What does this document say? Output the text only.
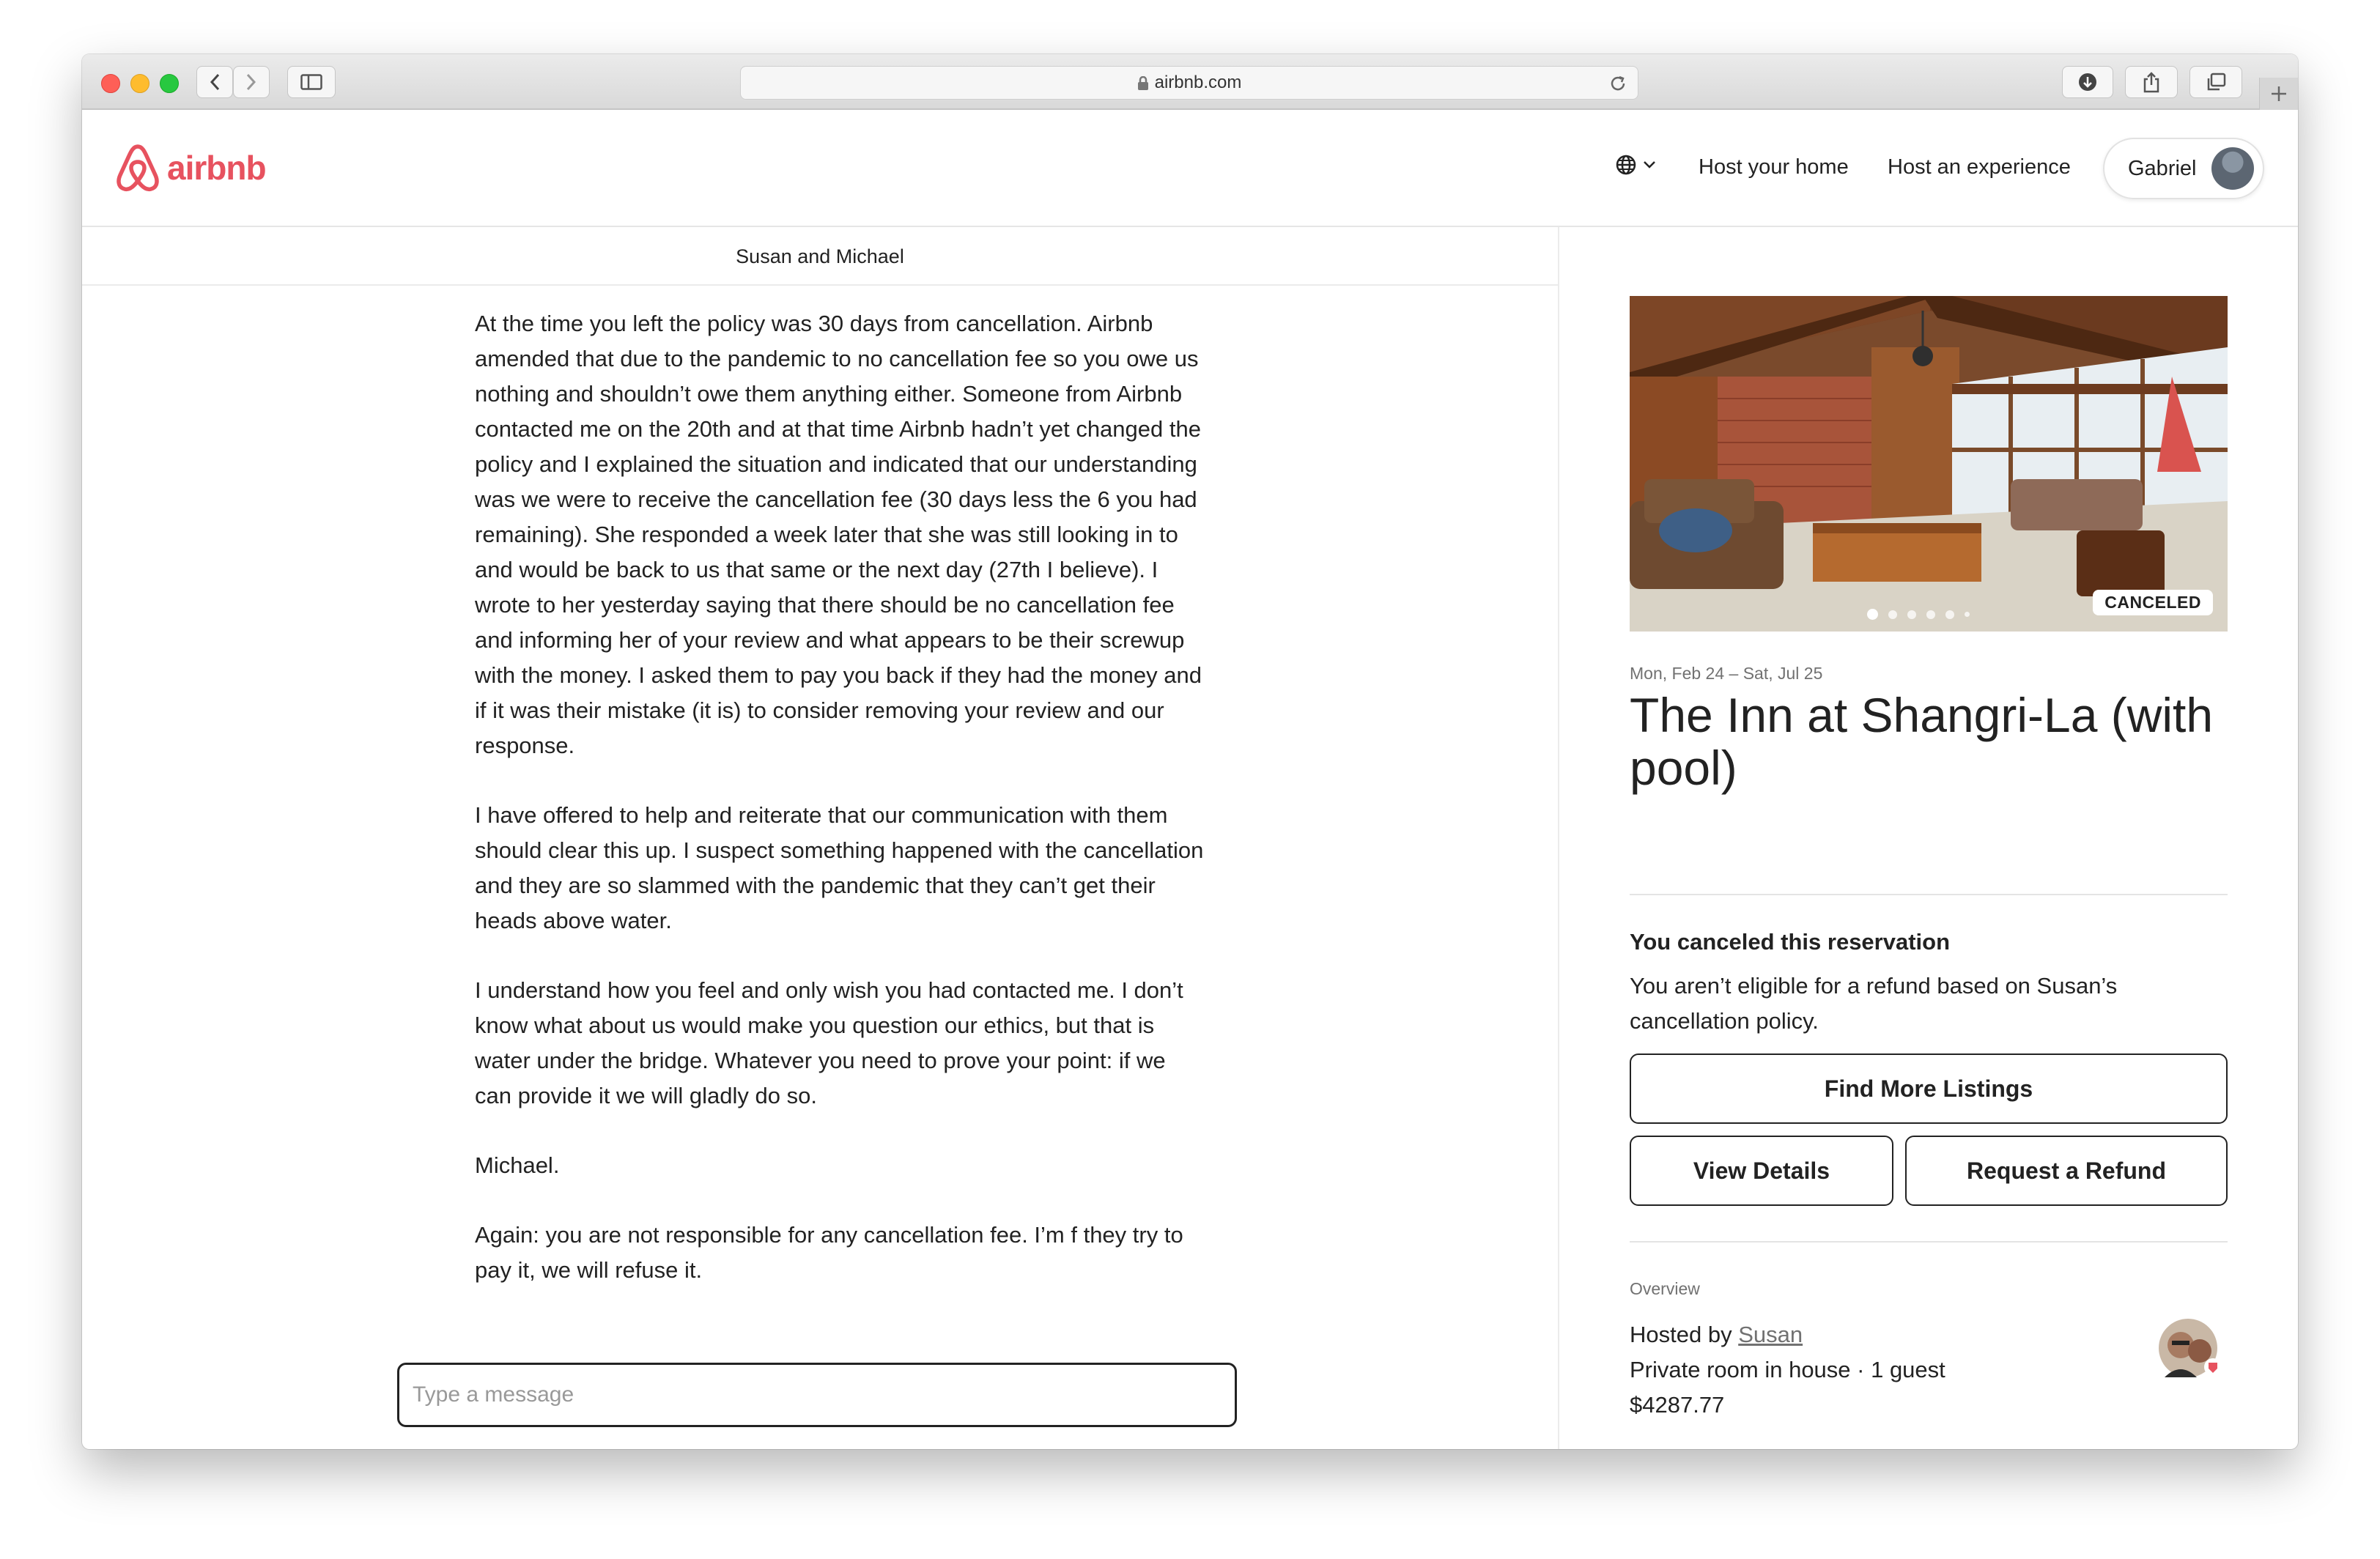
airbnb.com
airbnb	Host your home Host an experience	Gabriel
Susan and Michael

At the time you left the policy was 30 days from cancellation. Airbnb amended that due to the pandemic to no cancellation fee so you owe us nothing and shouldn’t owe them anything either. Someone from Airbnb contacted me on the 20th and at that time Airbnb hadn’t yet changed the policy and I explained the situation and indicated that our understanding was we were to receive the cancellation fee (30 days less the 6 you had remaining). She responded a week later that she was still looking in to and would be back to us that same or the next day (27th I believe). I wrote to her yesterday saying that there should be no cancellation fee and informing her of your review and what appears to be their screwup with the money. I asked them to pay you back if they had the money and if it was their mistake (it is) to consider removing your review and our response.

I have offered to help and reiterate that our communication with them should clear this up. I suspect something happened with the cancellation and they are so slammed with the pandemic that they can’t get their heads above water.

I understand how you feel and only wish you had contacted me. I don’t know what about us would make you question our ethics, but that is water under the bridge. Whatever you need to prove your point: if we can provide it we will gladly do so.

Michael.

Again: you are not responsible for any cancellation fee. I’m f they try to pay it, we will refuse it.

Type a message
CANCELED
Mon, Feb 24 – Sat, Jul 25
The Inn at Shangri-La (with pool)
You canceled this reservation
You aren’t eligible for a refund based on Susan’s cancellation policy.
Find More Listings
View Details	Request a Refund
Overview
Hosted by Susan
Private room in house · 1 guest
$4287.77
